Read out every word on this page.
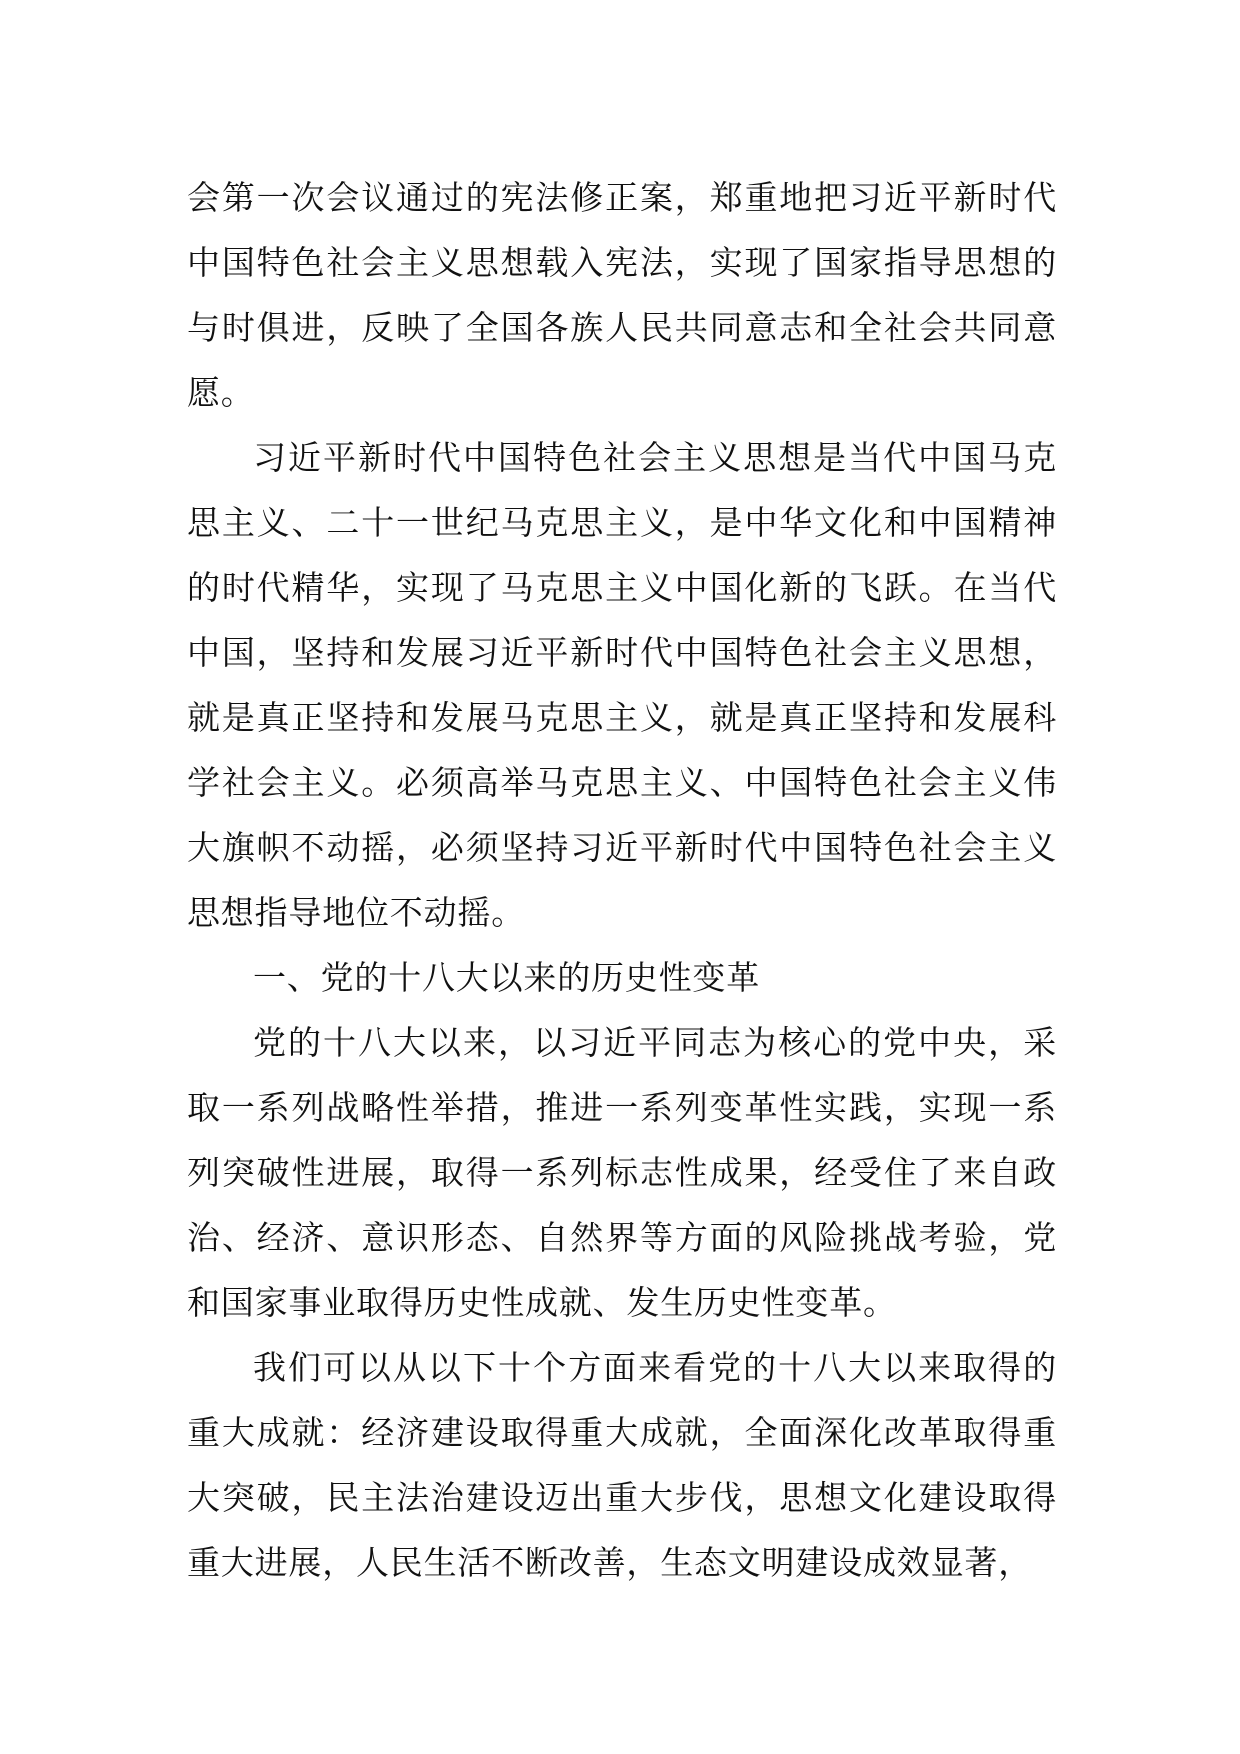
会第一次会议通过的宪法修正案，郑重地把习近平新时代中国特色社会主义思想载入宪法，实现了国家指导思想的与时俱进，反映了全国各族人民共同意志和全社会共同意愿。

习近平新时代中国特色社会主义思想是当代中国马克思主义、二十一世纪马克思主义，是中华文化和中国精神的时代精华，实现了马克思主义中国化新的飞跃。在当代中国，坚持和发展习近平新时代中国特色社会主义思想，就是真正坚持和发展马克思主义，就是真正坚持和发展科学社会主义。必须高举马克思主义、中国特色社会主义伟大旗帜不动摇，必须坚持习近平新时代中国特色社会主义思想指导地位不动摇。

一、党的十八大以来的历史性变革

党的十八大以来，以习近平同志为核心的党中央，采取一系列战略性举措，推进一系列变革性实践，实现一系列突破性进展，取得一系列标志性成果，经受住了来自政治、经济、意识形态、自然界等方面的风险挑战考验，党和国家事业取得历史性成就、发生历史性变革。

我们可以从以下十个方面来看党的十八大以来取得的重大成就：经济建设取得重大成就，全面深化改革取得重大突破，民主法治建设迈出重大步伐，思想文化建设取得重大进展，人民生活不断改善，生态文明建设成效显著，
